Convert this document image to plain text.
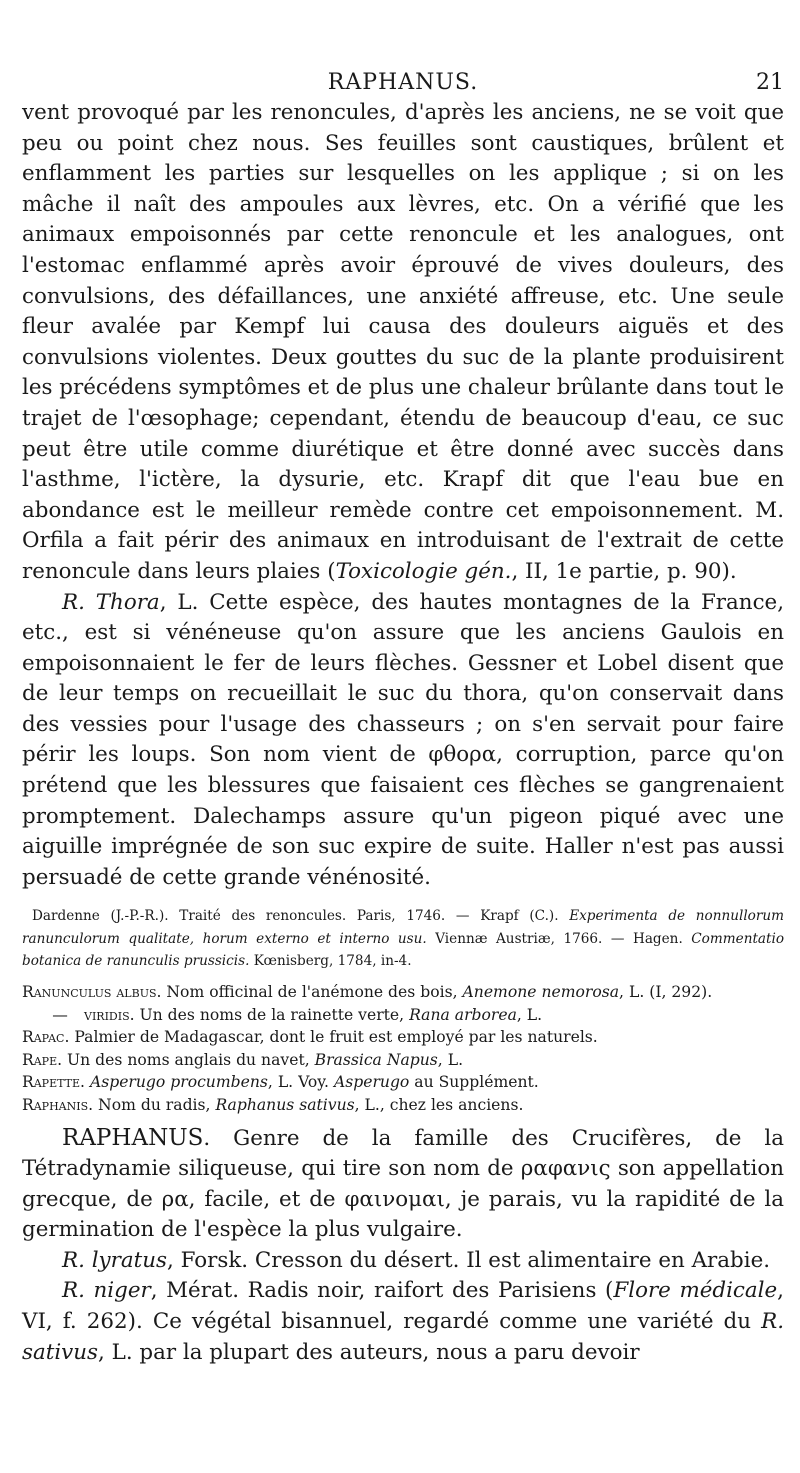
RAPHANUS.	21

vent provoqué par les renoncules, d'après les anciens, ne se voit que peu ou point chez nous. Ses feuilles sont caustiques, brûlent et enflamment les parties sur lesquelles on les applique ; si on les mâche il naît des ampoules aux lèvres, etc. On a vérifié que les animaux empoisonnés par cette renoncule et les analogues, ont l'estomac enflammé après avoir éprouvé de vives douleurs, des convulsions, des défaillances, une anxiété affreuse, etc. Une seule fleur avalée par Kempf lui causa des douleurs aiguës et des convulsions violentes. Deux gouttes du suc de la plante produisirent les précédens symptômes et de plus une chaleur brûlante dans tout le trajet de l'œsophage; cependant, étendu de beaucoup d'eau, ce suc peut être utile comme diurétique et être donné avec succès dans l'asthme, l'ictère, la dysurie, etc. Krapf dit que l'eau bue en abondance est le meilleur remède contre cet empoisonnement. M. Orfila a fait périr des animaux en introduisant de l'extrait de cette renoncule dans leurs plaies (Toxicologie gén., II, 1e partie, p. 90).

R. Thora, L. Cette espèce, des hautes montagnes de la France, etc., est si vénéneuse qu'on assure que les anciens Gaulois en empoisonnaient le fer de leurs flèches. Gessner et Lobel disent que de leur temps on recueillait le suc du thora, qu'on conservait dans des vessies pour l'usage des chasseurs ; on s'en servait pour faire périr les loups. Son nom vient de φθορα, corruption, parce qu'on prétend que les blessures que faisaient ces flèches se gangrenaient promptement. Dalechamps assure qu'un pigeon piqué avec une aiguille imprégnée de son suc expire de suite. Haller n'est pas aussi persuadé de cette grande vénénosité.

Dardenne (J.-P.-R.). Traité des renoncules. Paris, 1746. — Krapf (C.). Experimenta de nonnullorum ranunculorum qualitate, horum externo et interno usu. Viennæ Austriæ, 1766. — Hagen. Commentatio botanica de ranunculis prussicis. Kœnisberg, 1784, in-4.

Ranunculus albus. Nom officinal de l'anémone des bois, Anemone nemorosa, L. (I, 292).

— viridis. Un des noms de la rainette verte, Rana arborea, L.

Rapac. Palmier de Madagascar, dont le fruit est employé par les naturels.

Rape. Un des noms anglais du navet, Brassica Napus, L.

Rapette. Asperugo procumbens, L. Voy. Asperugo au Supplément.

Raphanis. Nom du radis, Raphanus sativus, L., chez les anciens.

RAPHANUS. Genre de la famille des Crucifères, de la Tétradynamie siliqueuse, qui tire son nom de ραφανις son appellation grecque, de ρα, facile, et de φαινομαι, je parais, vu la rapidité de la germination de l'espèce la plus vulgaire.

R. lyratus, Forsk. Cresson du désert. Il est alimentaire en Arabie.

R. niger, Mérat. Radis noir, raifort des Parisiens (Flore médicale, VI, f. 262). Ce végétal bisannuel, regardé comme une variété du R. sativus, L. par la plupart des auteurs, nous a paru devoir
